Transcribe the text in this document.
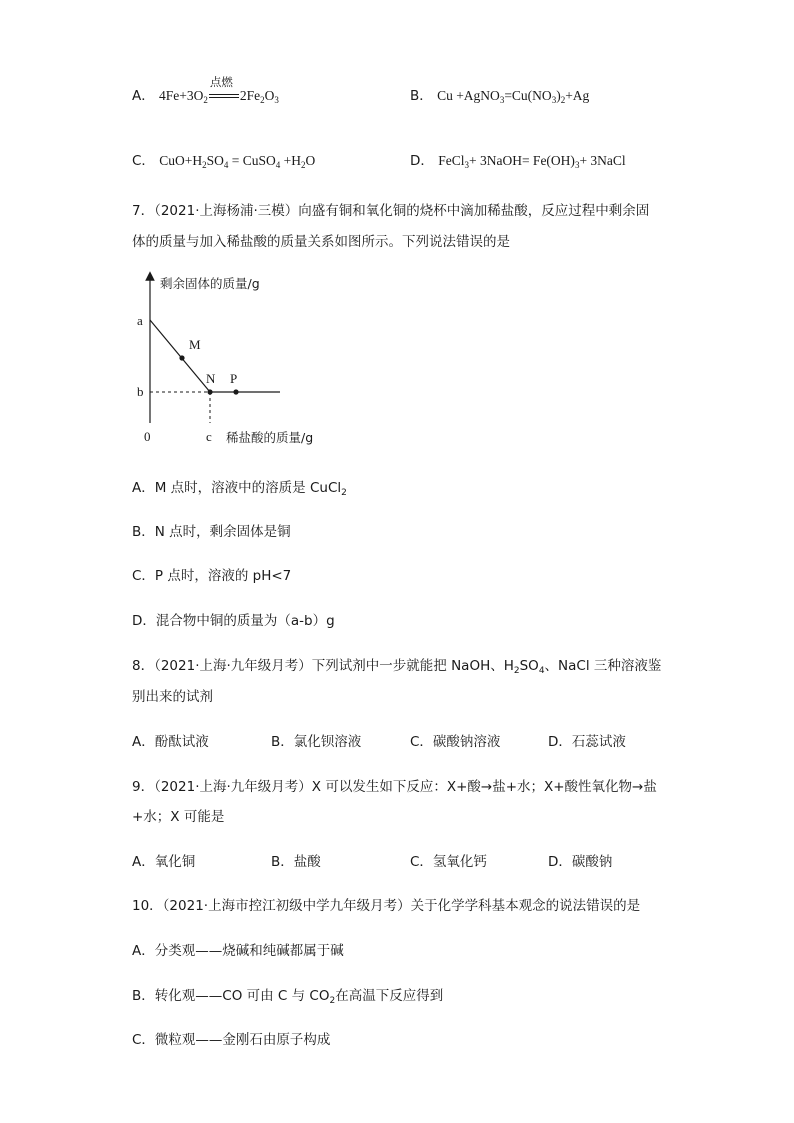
A． $4Fe+3O_2$
点燃
$2Fe_2O_3$	B． $Cu +AgNO_3=Cu(NO_3)_2+Ag$
C． $CuO+H_2SO_4$ = CuSO$_4$ $+H_2O$	D． FeCl$_3$+ 3NaOH= $Fe(OH)_3+$ 3NaCl
7．（2021·上海杨浦·三模）向盛有铜和氧化铜的烧杯中滴加稀盐酸，反应过程中剩余固
体的质量与加入稀盐酸的质量关系如图所示。下列说法错误的是
剩余固体的质量/g
a
M
N P
b
0	c 稀盐酸的质量/g
A．M 点时，溶液中的溶质是 CuCl$_2$
B．N 点时，剩余固体是铜
C．P 点时，溶液的 pH<7
D．混合物中铜的质量为（a-b）g
8．（2021·上海·九年级月考）下列试剂中一步就能把 NaOH、$H_2SO_4$、NaCl 三种溶液鉴
别出来的试剂
A．酚酞试液	B．氯化钡溶液	C．碳酸钠溶液	D．石蕊试液
9．（2021·上海·九年级月考）X 可以发生如下反应：X+酸→盐+水；X+酸性氧化物→盐
+水；X 可能是
A．氧化铜	B．盐酸	C．氢氧化钙	D．碳酸钠
10．（2021·上海市控江初级中学九年级月考）关于化学学科基本观念的说法错误的是
A．分类观——烧碱和纯碱都属于碱
B．转化观——CO 可由 C 与 $CO_2$在高温下反应得到
C．微粒观——金刚石由原子构成
